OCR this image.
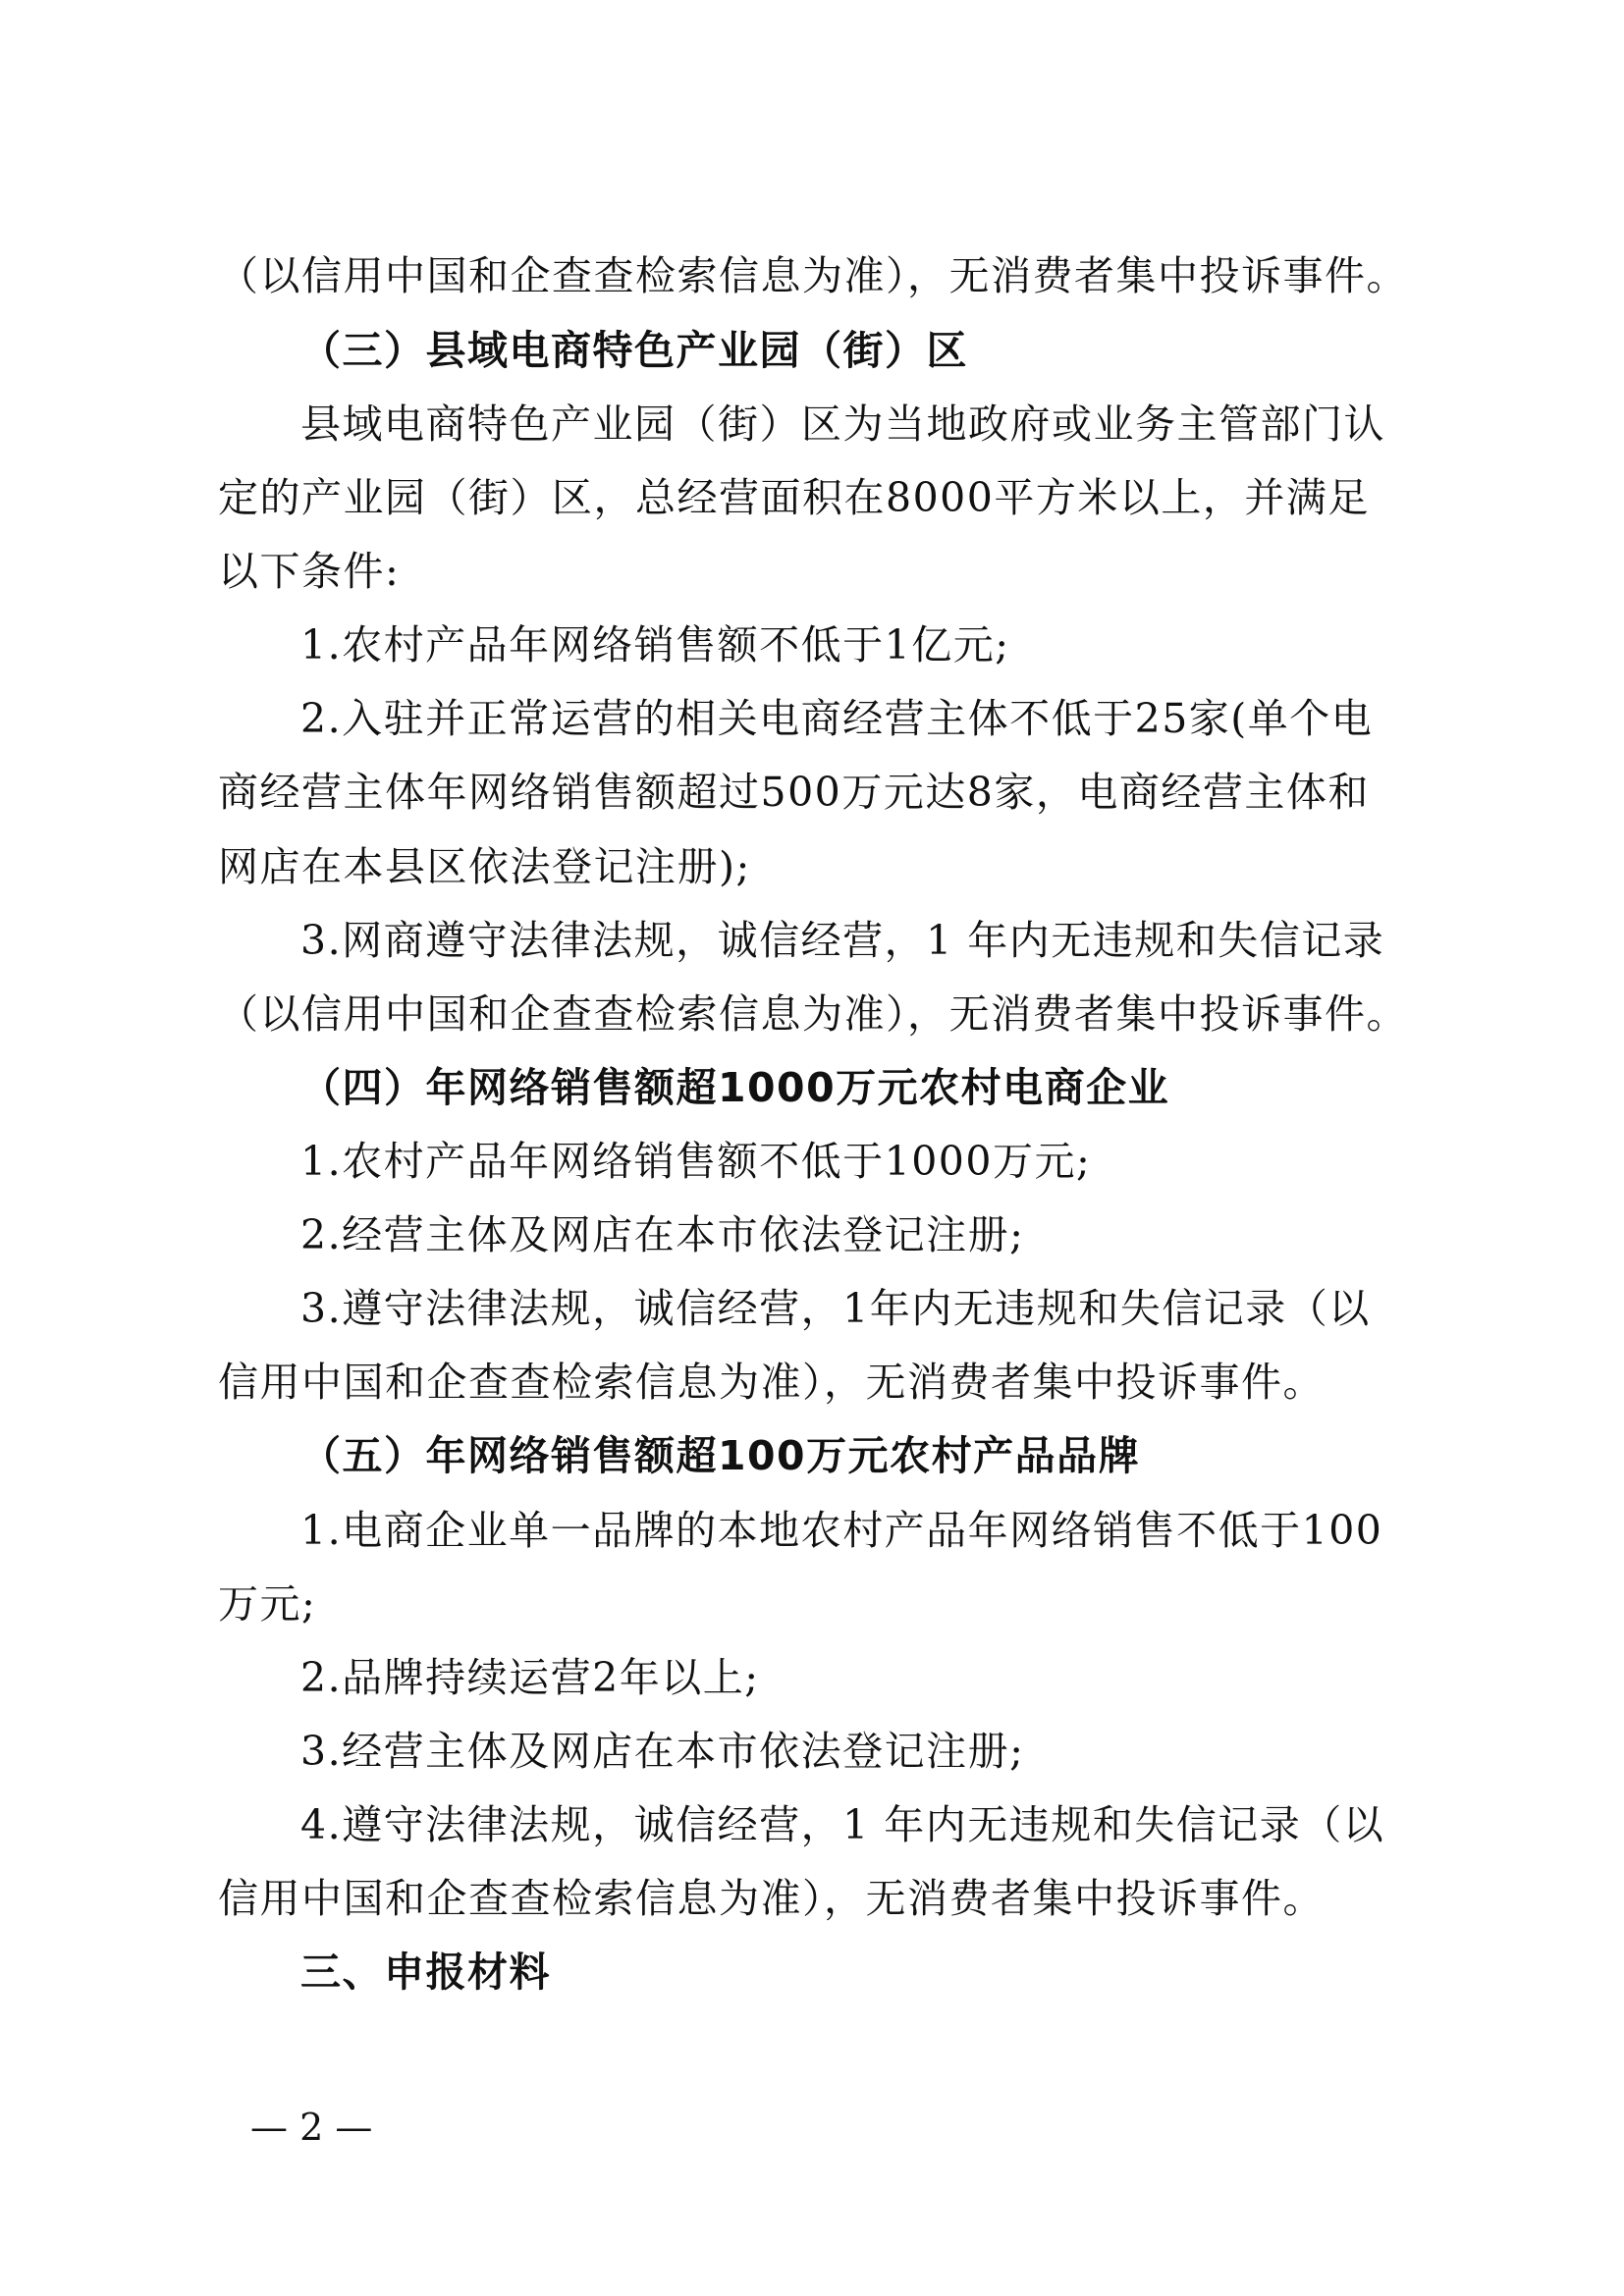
（以信用中国和企查查检索信息为准），无消费者集中投诉事件。
（三）县域电商特色产业园（街）区
县域电商特色产业园（街）区为当地政府或业务主管部门认
定的产业园（街）区，总经营面积在8000平方米以上，并满足
以下条件:
1.农村产品年网络销售额不低于1亿元;
2.入驻并正常运营的相关电商经营主体不低于25家(单个电
商经营主体年网络销售额超过500万元达8家，电商经营主体和
网店在本县区依法登记注册);
3.网商遵守法律法规，诚信经营，1 年内无违规和失信记录
（以信用中国和企查查检索信息为准），无消费者集中投诉事件。
（四）年网络销售额超1000万元农村电商企业
1.农村产品年网络销售额不低于1000万元;
2.经营主体及网店在本市依法登记注册;
3.遵守法律法规，诚信经营，1年内无违规和失信记录（以
信用中国和企查查检索信息为准），无消费者集中投诉事件。
（五）年网络销售额超100万元农村产品品牌
1.电商企业单一品牌的本地农村产品年网络销售不低于100
万元;
2.品牌持续运营2年以上;
3.经营主体及网店在本市依法登记注册;
4.遵守法律法规，诚信经营，1 年内无违规和失信记录（以
信用中国和企查查检索信息为准），无消费者集中投诉事件。
三、申报材料
— 2 —
